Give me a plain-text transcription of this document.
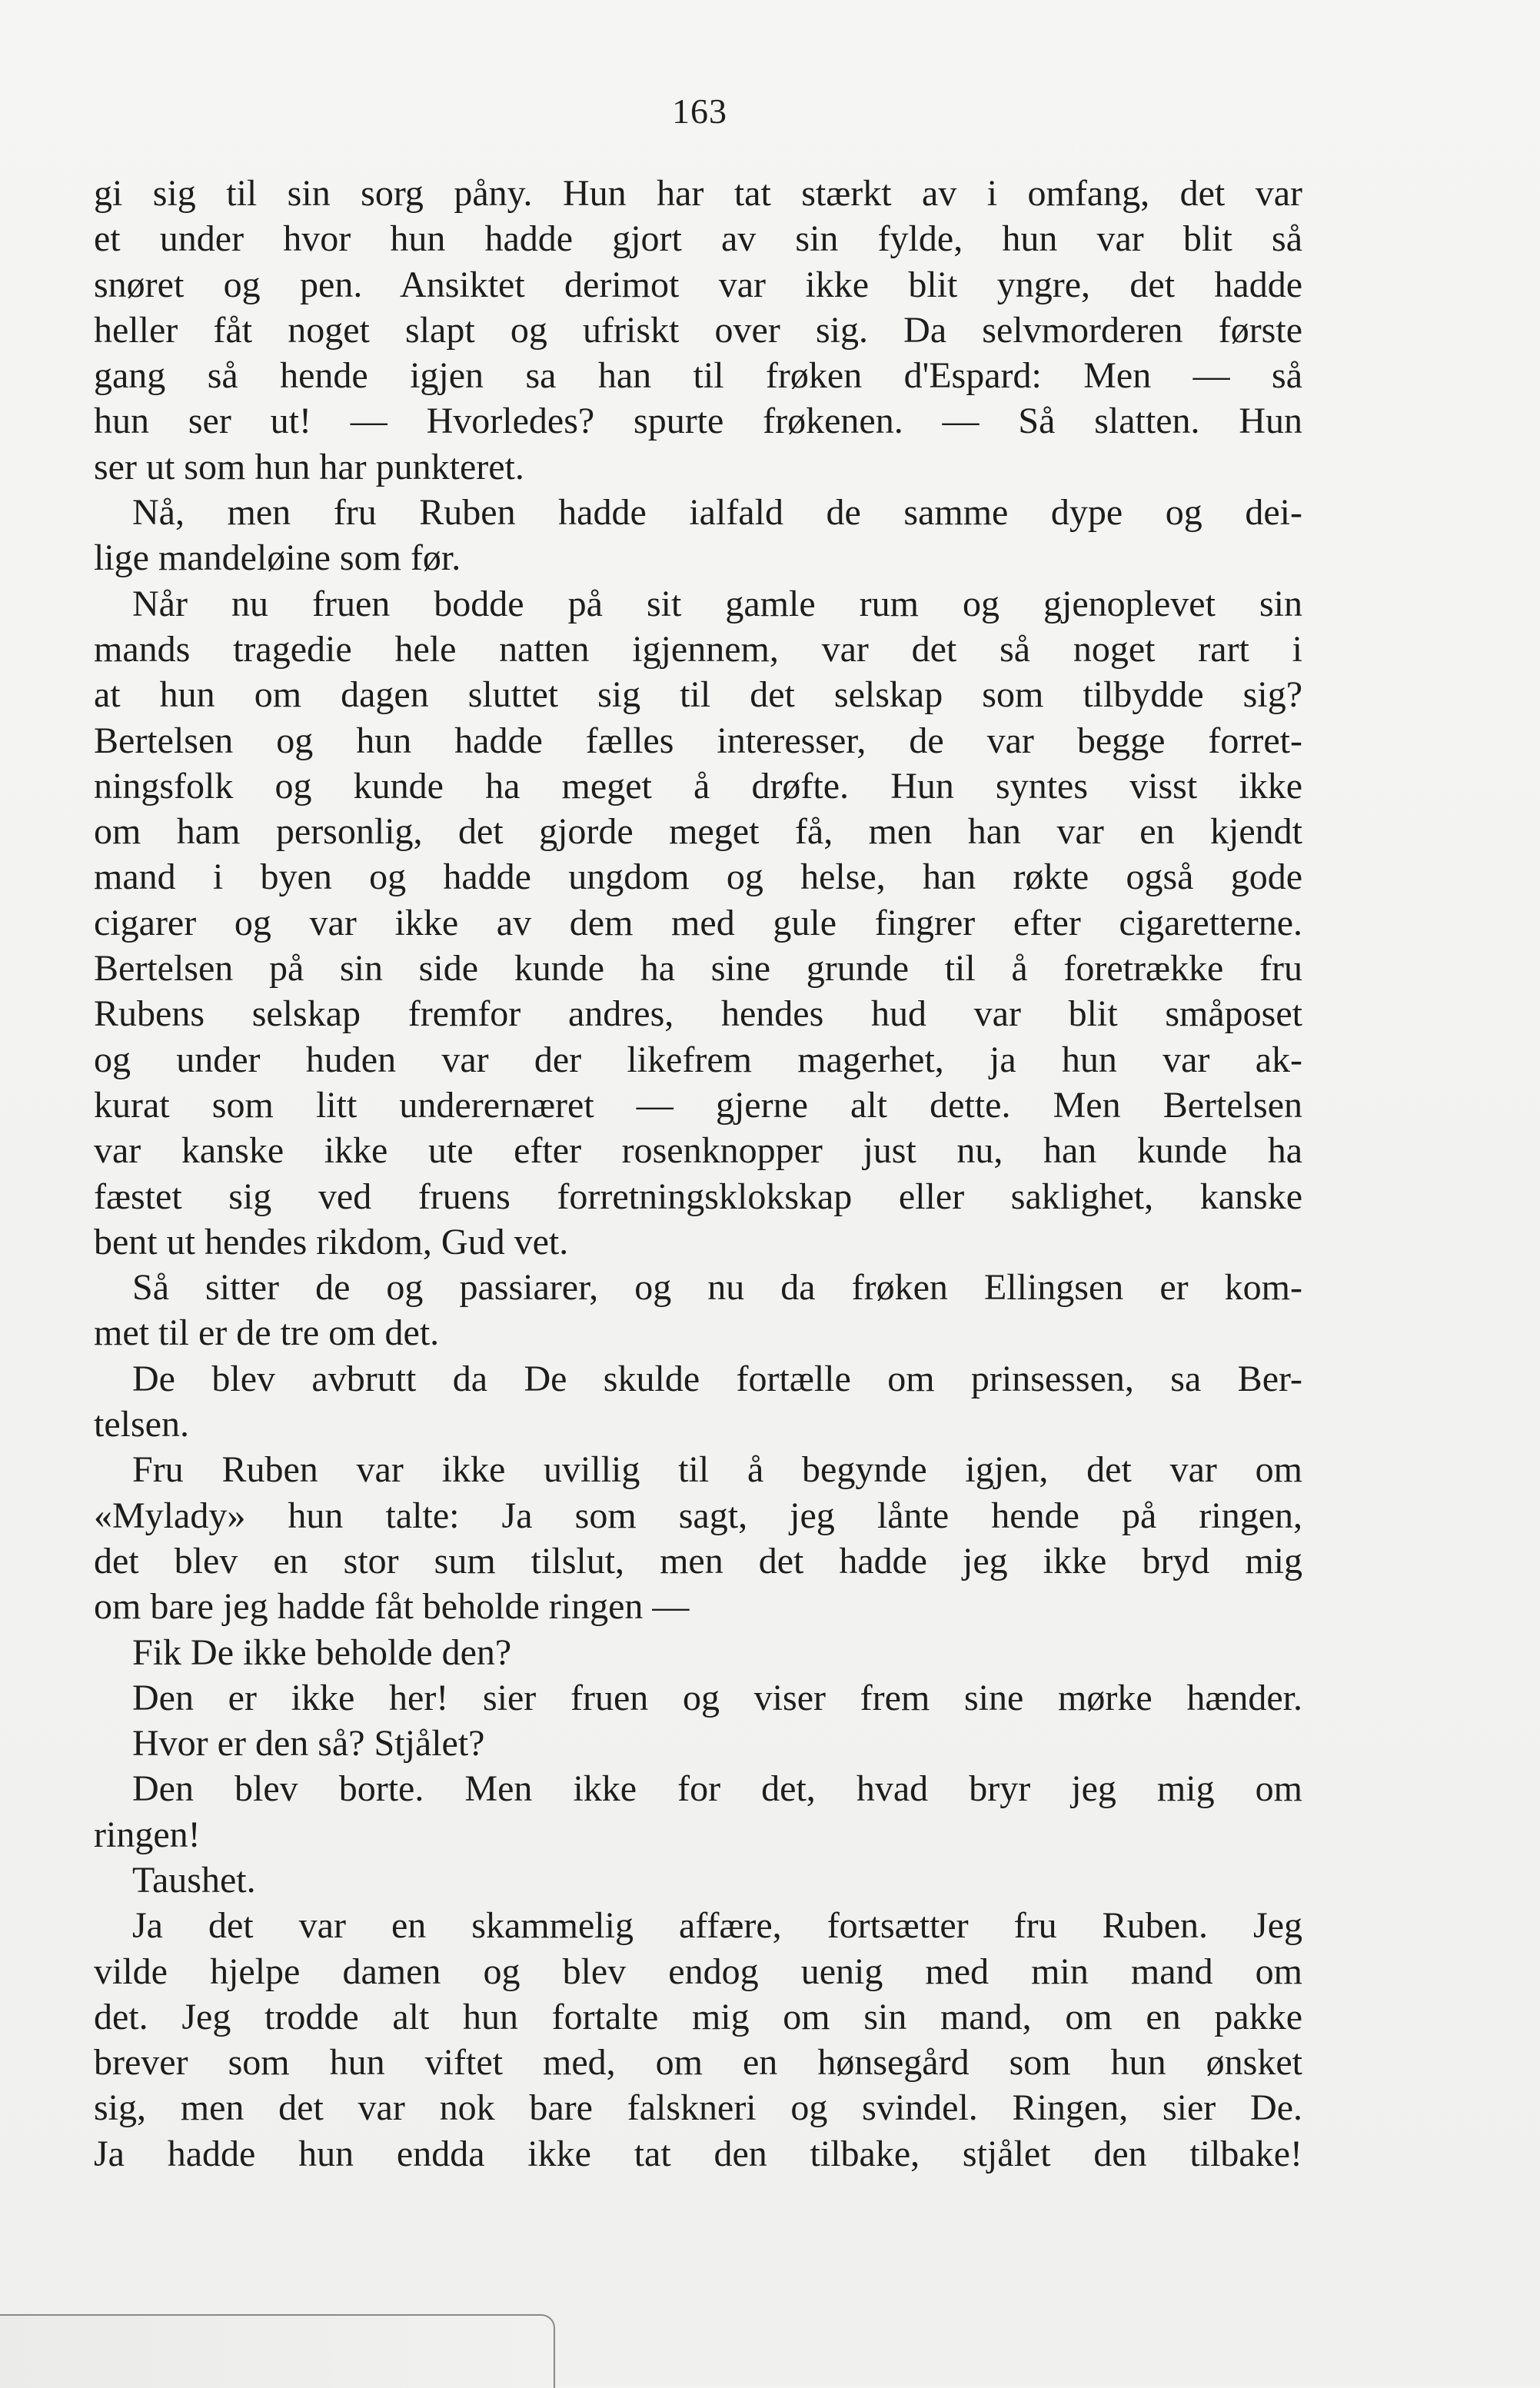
163
gi sig til sin sorg påny. Hun har tat stærkt av i omfang, det var
et under hvor hun hadde gjort av sin fylde, hun var blit så
snøret og pen. Ansiktet derimot var ikke blit yngre, det hadde
heller fåt noget slapt og ufriskt over sig. Da selvmorderen første
gang så hende igjen sa han til frøken d'Espard: Men — så
hun ser ut! — Hvorledes? spurte frøkenen. — Så slatten. Hun
ser ut som hun har punkteret.
Nå, men fru Ruben hadde ialfald de samme dype og dei-
lige mandeløine som før.
Når nu fruen bodde på sit gamle rum og gjenoplevet sin
mands tragedie hele natten igjennem, var det så noget rart i
at hun om dagen sluttet sig til det selskap som tilbydde sig?
Bertelsen og hun hadde fælles interesser, de var begge forret-
ningsfolk og kunde ha meget å drøfte. Hun syntes visst ikke
om ham personlig, det gjorde meget få, men han var en kjendt
mand i byen og hadde ungdom og helse, han røkte også gode
cigarer og var ikke av dem med gule fingrer efter cigaretterne.
Bertelsen på sin side kunde ha sine grunde til å foretrække fru
Rubens selskap fremfor andres, hendes hud var blit småposet
og under huden var der likefrem magerhet, ja hun var ak-
kurat som litt underernæret — gjerne alt dette. Men Bertelsen
var kanske ikke ute efter rosenknopper just nu, han kunde ha
fæstet sig ved fruens forretningsklokskap eller saklighet, kanske
bent ut hendes rikdom, Gud vet.
Så sitter de og passiarer, og nu da frøken Ellingsen er kom-
met til er de tre om det.
De blev avbrutt da De skulde fortælle om prinsessen, sa Ber-
telsen.
Fru Ruben var ikke uvillig til å begynde igjen, det var om
«Mylady» hun talte: Ja som sagt, jeg lånte hende på ringen,
det blev en stor sum tilslut, men det hadde jeg ikke bryd mig
om bare jeg hadde fåt beholde ringen —
Fik De ikke beholde den?
Den er ikke her! sier fruen og viser frem sine mørke hænder.
Hvor er den så? Stjålet?
Den blev borte. Men ikke for det, hvad bryr jeg mig om
ringen!
Taushet.
Ja det var en skammelig affære, fortsætter fru Ruben. Jeg
vilde hjelpe damen og blev endog uenig med min mand om
det. Jeg trodde alt hun fortalte mig om sin mand, om en pakke
brever som hun viftet med, om en hønsegård som hun ønsket
sig, men det var nok bare falskneri og svindel. Ringen, sier De.
Ja hadde hun endda ikke tat den tilbake, stjålet den tilbake!
